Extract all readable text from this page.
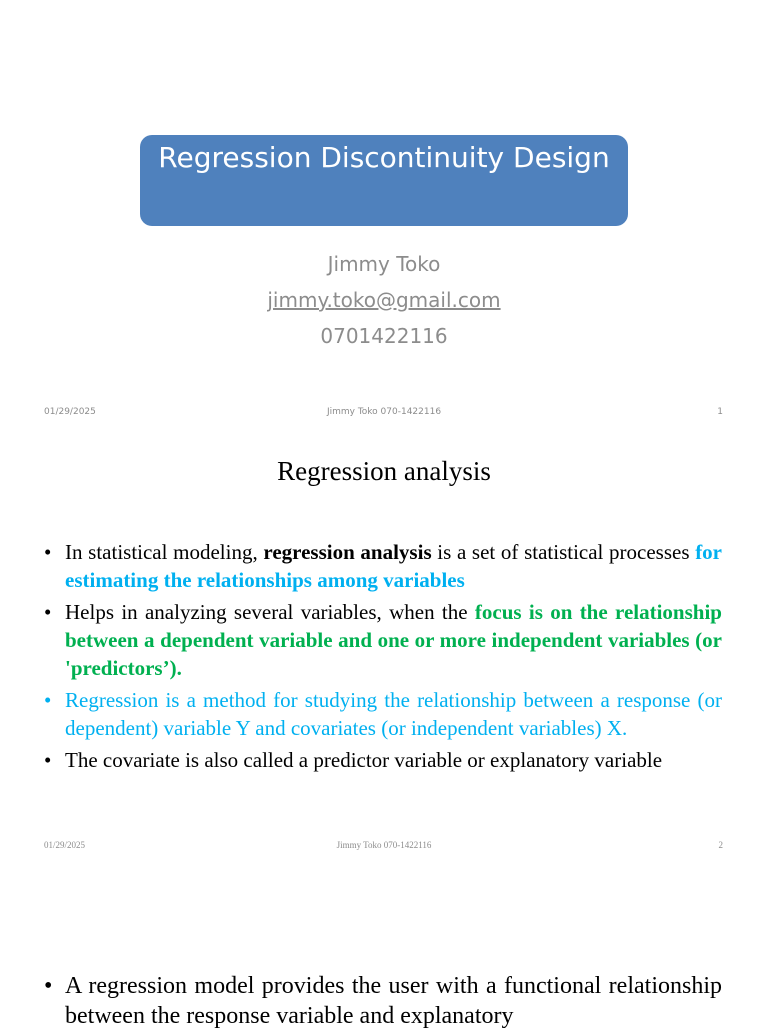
Regression Discontinuity Design
Jimmy Toko
jimmy.toko@gmail.com
0701422116
01/29/2025	Jimmy Toko 070-1422116	1
Regression analysis
• In statistical modeling, regression analysis is a set of statistical processes for estimating the relationships among variables
• Helps in analyzing several variables, when the focus is on the relationship between a dependent variable and one or more independent variables (or 'predictors’).
• Regression is a method for studying the relationship between a response (or dependent) variable Y and covariates (or independent variables) X.
• The covariate is also called a predictor variable or explanatory variable
01/29/2025	Jimmy Toko 070-1422116	2
• A regression model provides the user with a functional relationship between the response variable and explanatory
